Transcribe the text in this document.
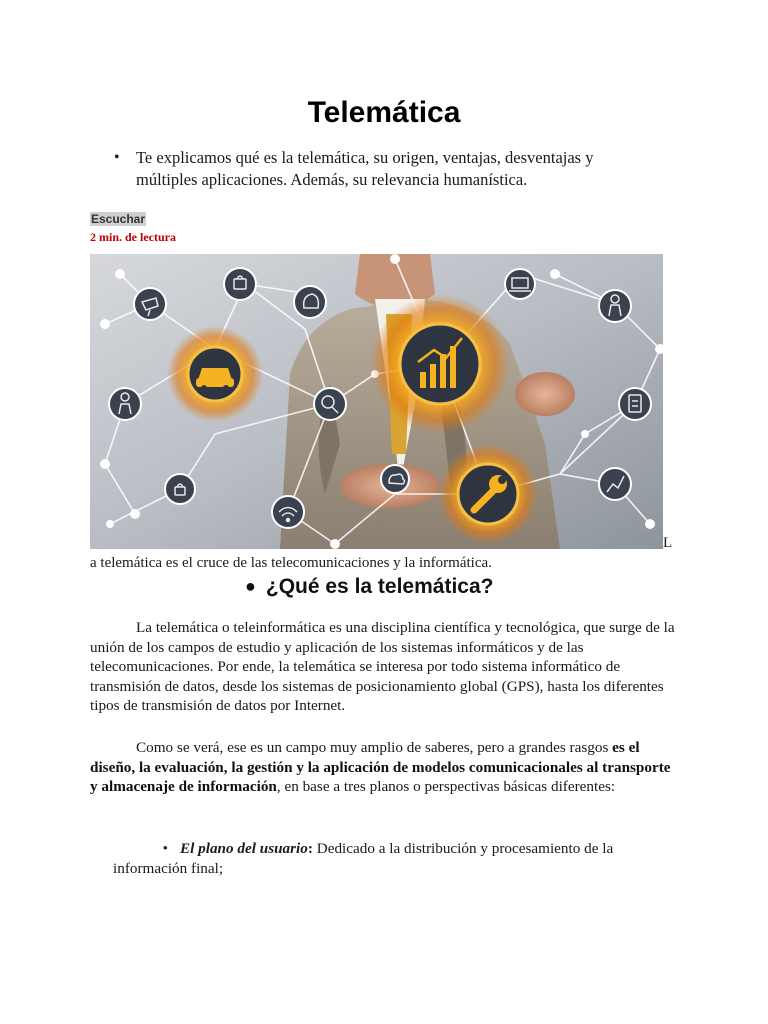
Telemática
• Te explicamos qué es la telemática, su origen, ventajas, desventajas y múltiples aplicaciones. Además, su relevancia humanística.
Escuchar
2 min. de lectura
L

a telemática es el cruce de las telecomunicaciones y la informática.

● ¿Qué es la telemática?

La telemática o teleinformática es una disciplina científica y tecnológica, que surge de la unión de los campos de estudio y aplicación de los sistemas informáticos y de las telecomunicaciones. Por ende, la telemática se interesa por todo sistema informático de transmisión de datos, desde los sistemas de posicionamiento global (GPS), hasta los diferentes tipos de transmisión de datos por Internet.

Como se verá, ese es un campo muy amplio de saberes, pero a grandes rasgos es el diseño, la evaluación, la gestión y la aplicación de modelos comunicacionales al transporte y almacenaje de información, en base a tres planos o perspectivas básicas diferentes:

• El plano del usuario: Dedicado a la distribución y procesamiento de la información final;
